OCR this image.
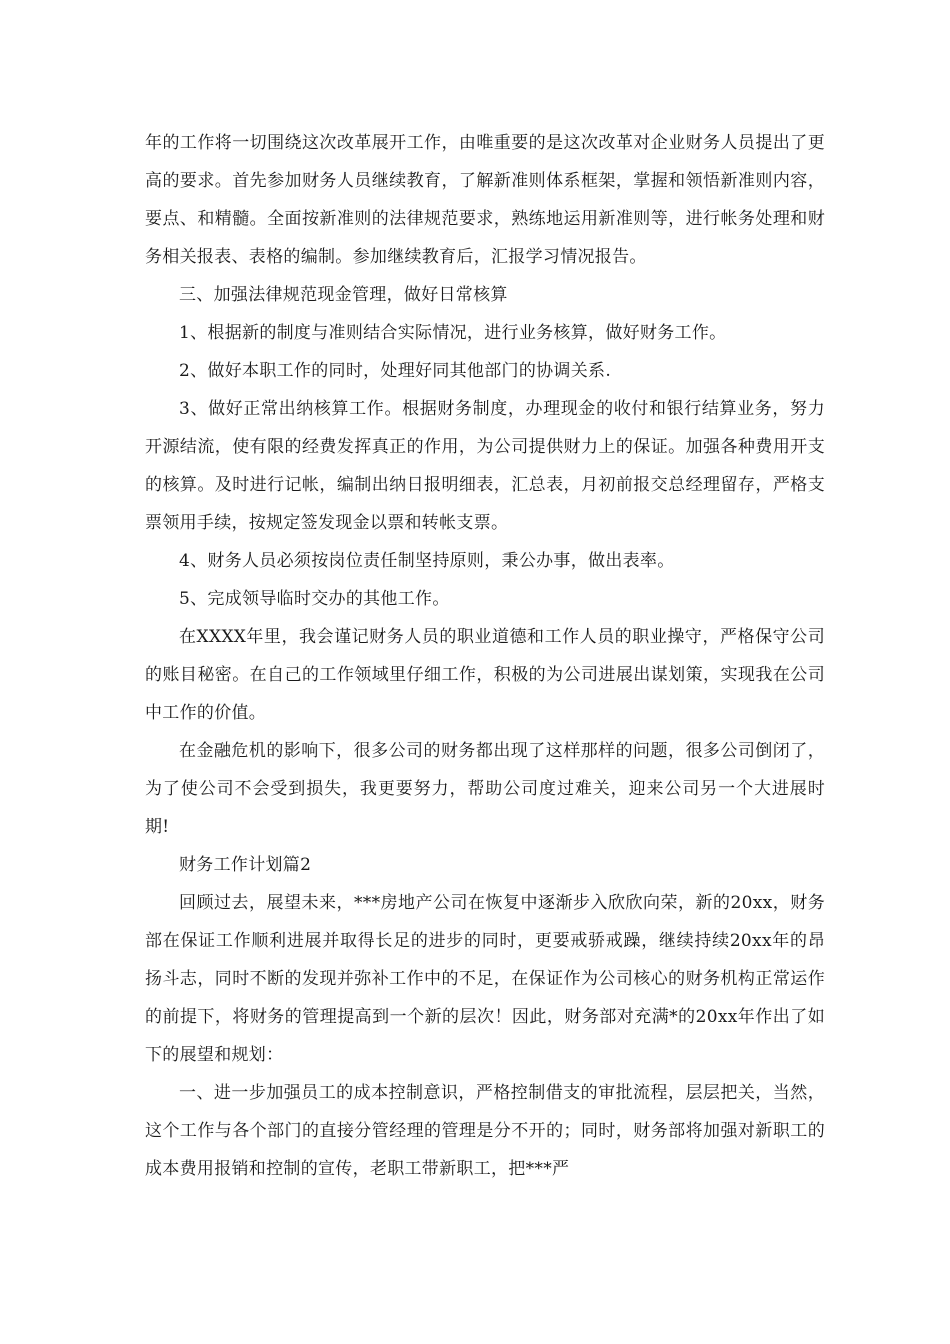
年的工作将一切围绕这次改革展开工作，由唯重要的是这次改革对企业财务人员提出了更高的要求。首先参加财务人员继续教育，了解新准则体系框架，掌握和领悟新准则内容，要点、和精髓。全面按新准则的法律规范要求，熟练地运用新准则等，进行帐务处理和财务相关报表、表格的编制。参加继续教育后，汇报学习情况报告。

三、加强法律规范现金管理，做好日常核算

1、根据新的制度与准则结合实际情况，进行业务核算，做好财务工作。

2、做好本职工作的同时，处理好同其他部门的协调关系.

3、做好正常出纳核算工作。根据财务制度，办理现金的收付和银行结算业务，努力开源结流，使有限的经费发挥真正的作用，为公司提供财力上的保证。加强各种费用开支的核算。及时进行记帐，编制出纳日报明细表，汇总表，月初前报交总经理留存，严格支票领用手续，按规定签发现金以票和转帐支票。

4、财务人员必须按岗位责任制坚持原则，秉公办事，做出表率。

5、完成领导临时交办的其他工作。

在XXXX年里，我会谨记财务人员的职业道德和工作人员的职业操守，严格保守公司的账目秘密。在自己的工作领域里仔细工作，积极的为公司进展出谋划策，实现我在公司中工作的价值。

在金融危机的影响下，很多公司的财务都出现了这样那样的问题，很多公司倒闭了，为了使公司不会受到损失，我更要努力，帮助公司度过难关，迎来公司另一个大进展时期!

财务工作计划篇2

回顾过去，展望未来，***房地产公司在恢复中逐渐步入欣欣向荣，新的20xx，财务部在保证工作顺利进展并取得长足的进步的同时，更要戒骄戒躁，继续持续20xx年的昂扬斗志，同时不断的发现并弥补工作中的不足，在保证作为公司核心的财务机构正常运作的前提下，将财务的管理提高到一个新的层次！因此，财务部对充满*的20xx年作出了如下的展望和规划：

一、进一步加强员工的成本控制意识，严格控制借支的审批流程，层层把关，当然，这个工作与各个部门的直接分管经理的管理是分不开的；同时，财务部将加强对新职工的成本费用报销和控制的宣传，老职工带新职工，把***严
